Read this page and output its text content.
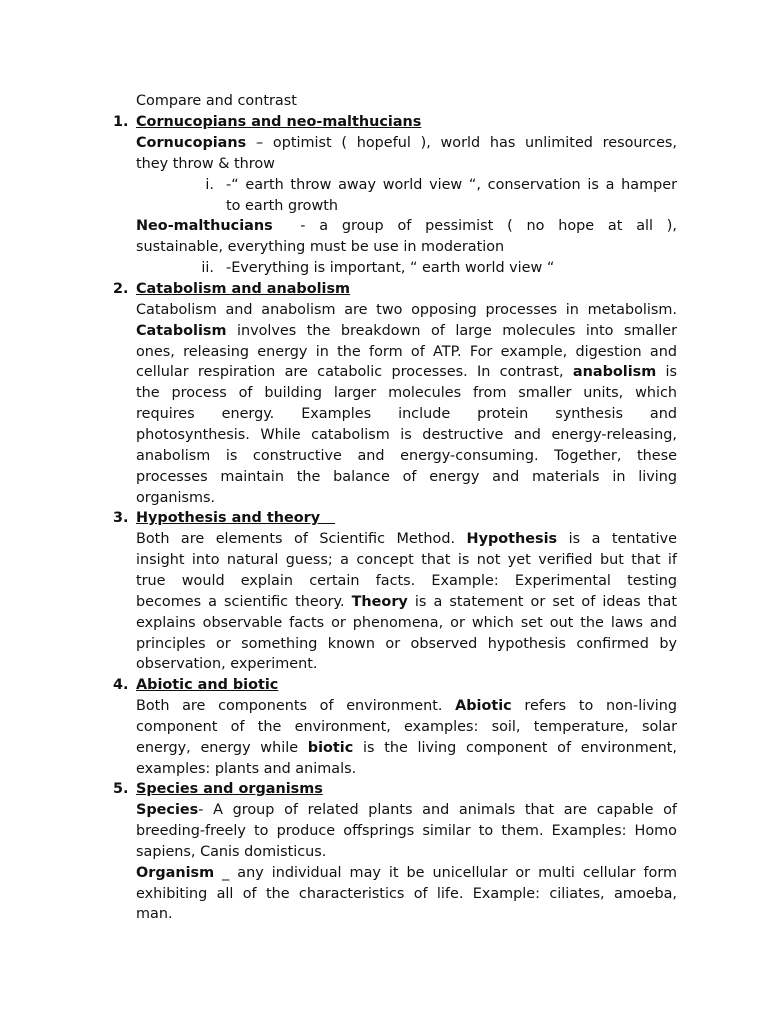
Compare and contrast
1. Cornucopians and neo-malthucians
Cornucopians – optimist ( hopeful ), world has unlimited resources,
they throw & throw
i. -“ earth throw away world view “, conservation is a hamper
to earth growth
Neo-malthucians  - a group of pessimist ( no hope at all ),
sustainable, everything must be use in moderation
ii. -Everything is important, “ earth world view “
2. Catabolism and anabolism
Catabolism and anabolism are two opposing processes in metabolism.
Catabolism involves the breakdown of large molecules into smaller
ones, releasing energy in the form of ATP. For example, digestion and
cellular respiration are catabolic processes. In contrast, anabolism is
the process of building larger molecules from smaller units, which
requires energy. Examples include protein synthesis and
photosynthesis. While catabolism is destructive and energy-releasing,
anabolism is constructive and energy-consuming. Together, these
processes maintain the balance of energy and materials in living
organisms.
3. Hypothesis and theory
Both are elements of Scientific Method. Hypothesis is a tentative
insight into natural guess; a concept that is not yet verified but that if
true would explain certain facts. Example: Experimental testing
becomes a scientific theory. Theory is a statement or set of ideas that
explains observable facts or phenomena, or which set out the laws and
principles or something known or observed hypothesis confirmed by
observation, experiment.
4. Abiotic and biotic
Both are components of environment. Abiotic refers to non-living
component of the environment, examples: soil, temperature, solar
energy, energy while biotic is the living component of environment,
examples: plants and animals.
5. Species and organisms
Species- A group of related plants and animals that are capable of
breeding-freely to produce offsprings similar to them. Examples: Homo
sapiens, Canis domisticus.
Organism _ any individual may it be unicellular or multi cellular form
exhibiting all of the characteristics of life. Example: ciliates, amoeba,
man.
